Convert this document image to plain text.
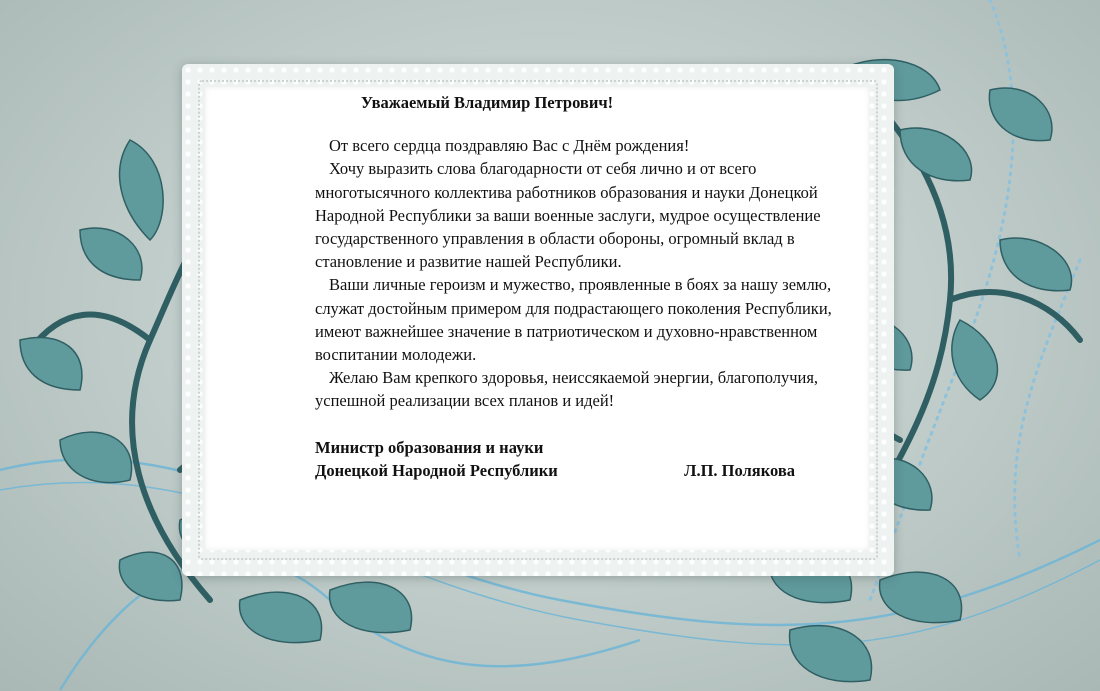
Уважаемый Владимир Петрович!

От всего сердца поздравляю Вас с Днём рождения!

Хочу выразить слова благодарности от себя лично и от всего многотысячного коллектива работников образования и науки Донецкой Народной Республики за ваши военные заслуги, мудрое осуществление государственного управления в области обороны, огромный вклад в становление и развитие нашей Республики.

Ваши личные героизм и мужество, проявленные в боях за нашу землю, служат достойным примером для подрастающего поколения Республики, имеют важнейшее значение в патриотическом и духовно-нравственном воспитании молодежи.

Желаю Вам крепкого здоровья, неиссякаемой энергии, благополучия, успешной реализации всех планов и идей!

Министр образования и науки
Донецкой Народной Республики	Л.П. Полякова
